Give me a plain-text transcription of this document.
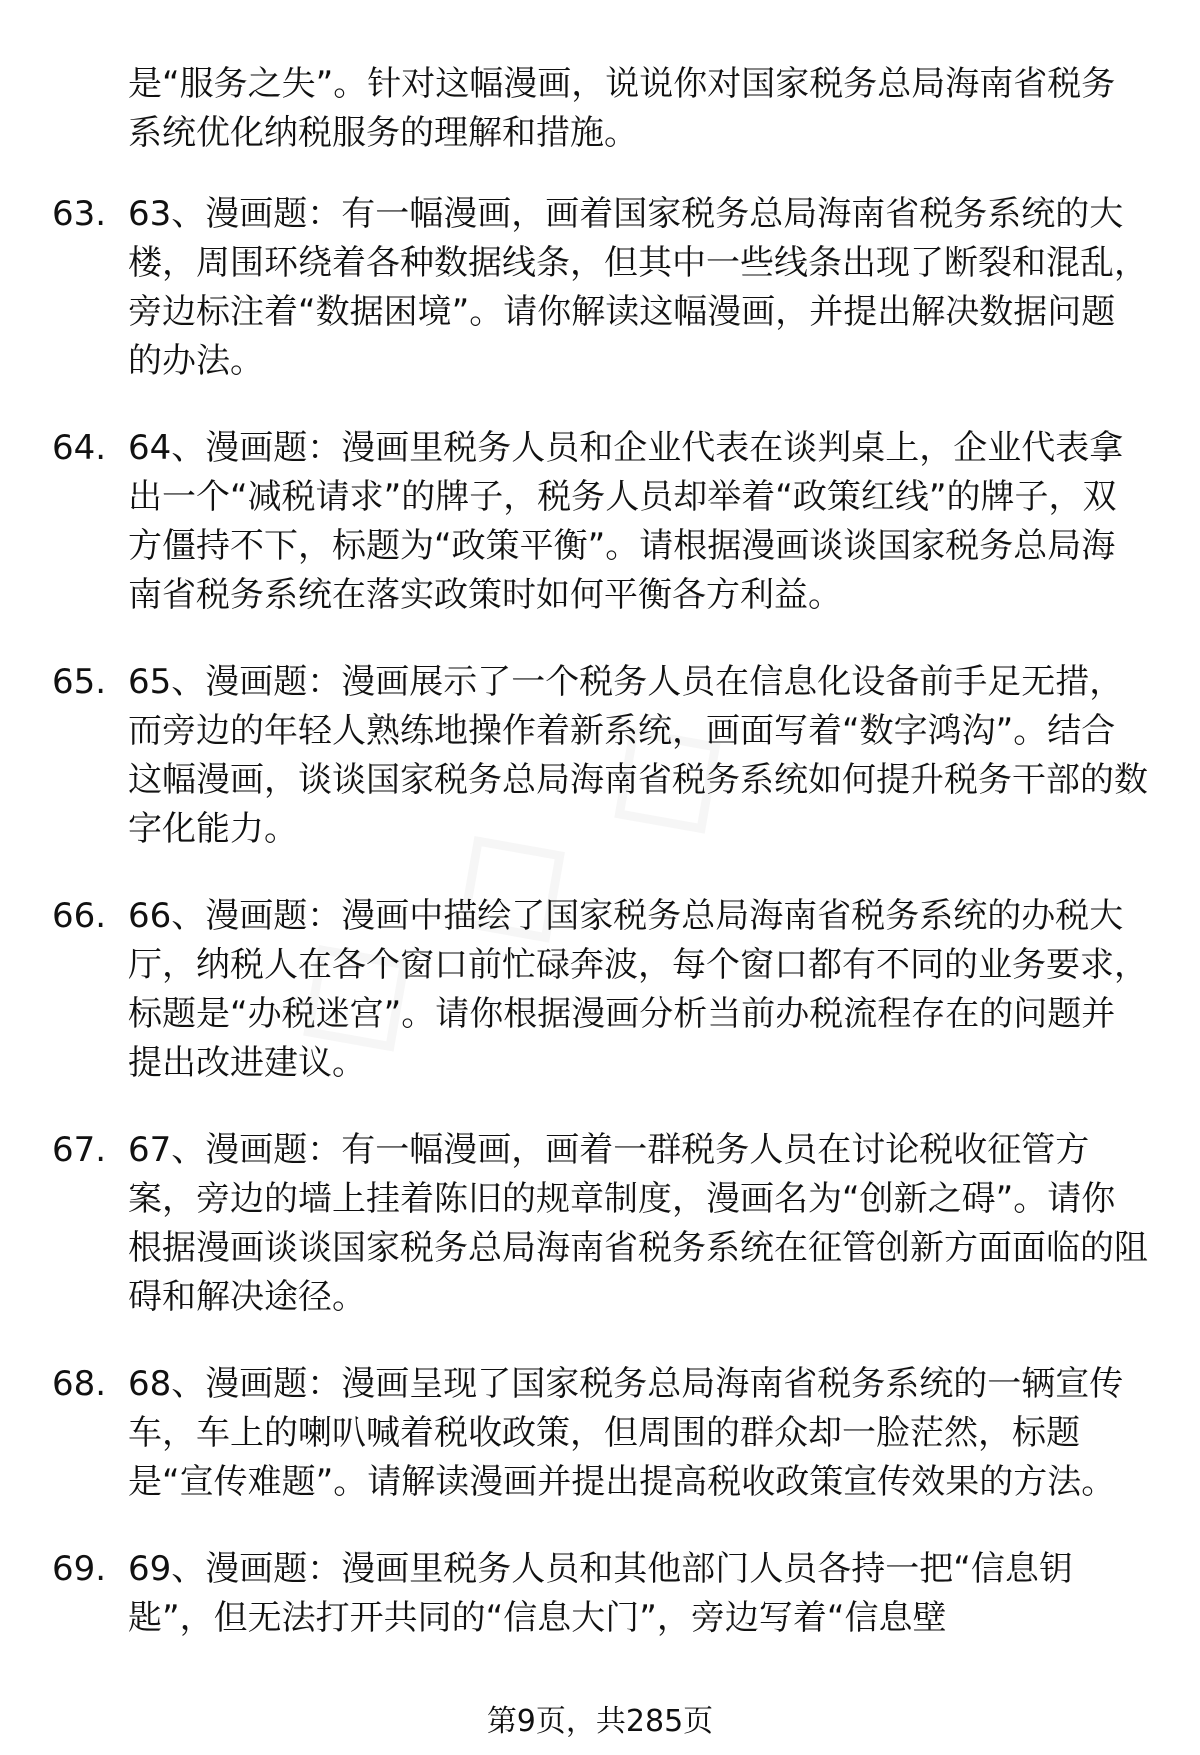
是“服务之失”。针对这幅漫画，说说你对国家税务总局海南省税务系统优化纳税服务的理解和措施。
63. 63、漫画题：有一幅漫画，画着国家税务总局海南省税务系统的大楼，周围环绕着各种数据线条，但其中一些线条出现了断裂和混乱，旁边标注着“数据困境”。请你解读这幅漫画，并提出解决数据问题的办法。
64. 64、漫画题：漫画里税务人员和企业代表在谈判桌上，企业代表拿出一个“减税请求”的牌子，税务人员却举着“政策红线”的牌子，双方僵持不下，标题为“政策平衡”。请根据漫画谈谈国家税务总局海南省税务系统在落实政策时如何平衡各方利益。
65. 65、漫画题：漫画展示了一个税务人员在信息化设备前手足无措，而旁边的年轻人熟练地操作着新系统，画面写着“数字鸿沟”。结合这幅漫画，谈谈国家税务总局海南省税务系统如何提升税务干部的数字化能力。
66. 66、漫画题：漫画中描绘了国家税务总局海南省税务系统的办税大厅，纳税人在各个窗口前忙碌奔波，每个窗口都有不同的业务要求，标题是“办税迷宫”。请你根据漫画分析当前办税流程存在的问题并提出改进建议。
67. 67、漫画题：有一幅漫画，画着一群税务人员在讨论税收征管方案，旁边的墙上挂着陈旧的规章制度，漫画名为“创新之碍”。请你根据漫画谈谈国家税务总局海南省税务系统在征管创新方面面临的阻碍和解决途径。
68. 68、漫画题：漫画呈现了国家税务总局海南省税务系统的一辆宣传车，车上的喇叭喊着税收政策，但周围的群众却一脸茫然，标题是“宣传难题”。请解读漫画并提出提高税收政策宣传效果的方法。
69. 69、漫画题：漫画里税务人员和其他部门人员各持一把“信息钥匙”，但无法打开共同的“信息大门”，旁边写着“信息壁
第9页，共285页
